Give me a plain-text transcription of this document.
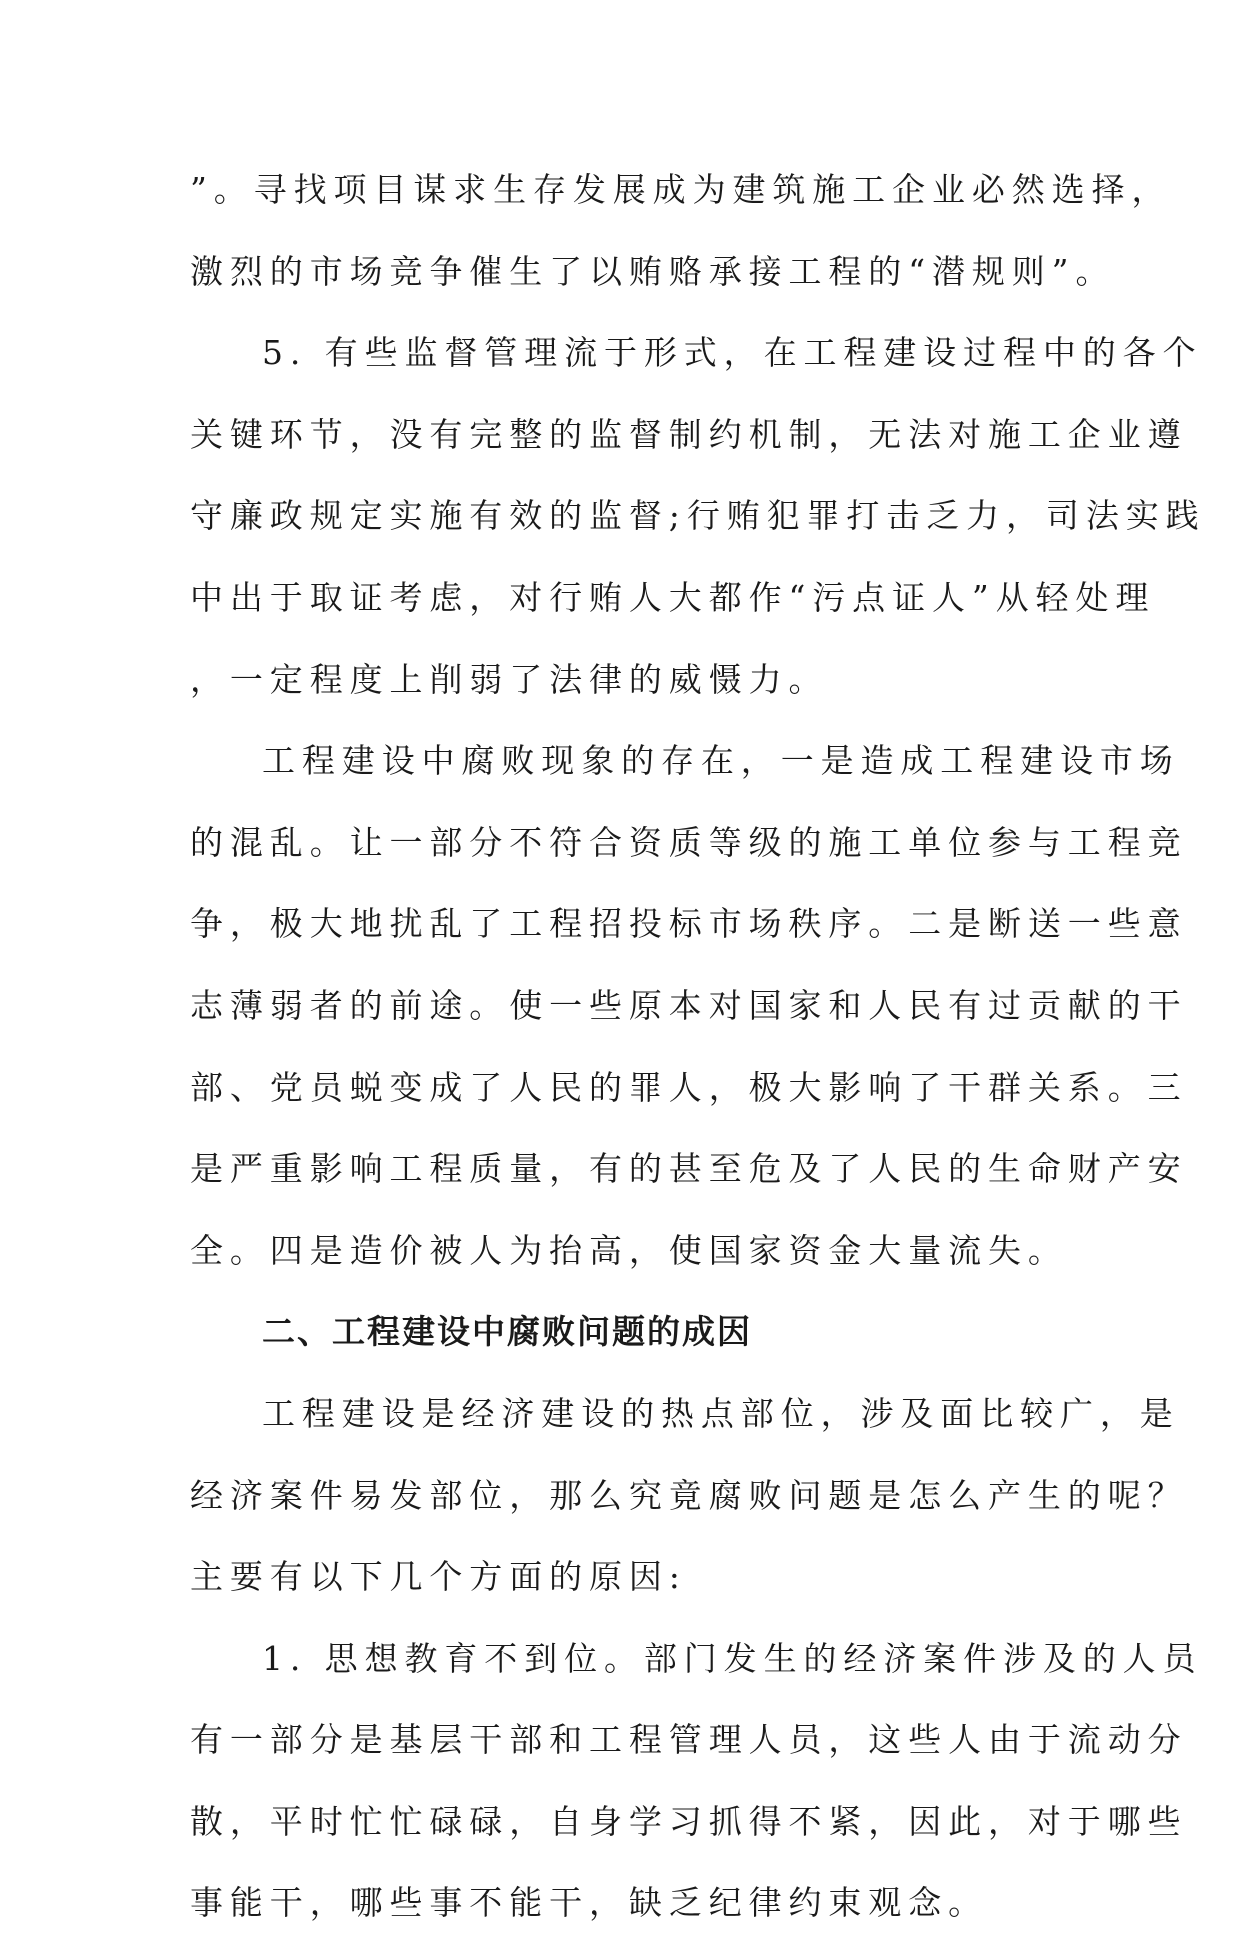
”。寻找项目谋求生存发展成为建筑施工企业必然选择，
激烈的市场竞争催生了以贿赂承接工程的“潜规则”。
5. 有些监督管理流于形式，在工程建设过程中的各个
关键环节，没有完整的监督制约机制，无法对施工企业遵
守廉政规定实施有效的监督;行贿犯罪打击乏力，司法实践
中出于取证考虑，对行贿人大都作“污点证人”从轻处理
，一定程度上削弱了法律的威慑力。
工程建设中腐败现象的存在，一是造成工程建设市场
的混乱。让一部分不符合资质等级的施工单位参与工程竞
争，极大地扰乱了工程招投标市场秩序。二是断送一些意
志薄弱者的前途。使一些原本对国家和人民有过贡献的干
部、党员蜕变成了人民的罪人，极大影响了干群关系。三
是严重影响工程质量，有的甚至危及了人民的生命财产安
全。四是造价被人为抬高，使国家资金大量流失。
二、工程建设中腐败问题的成因
工程建设是经济建设的热点部位，涉及面比较广，是
经济案件易发部位，那么究竟腐败问题是怎么产生的呢？
主要有以下几个方面的原因:
1. 思想教育不到位。部门发生的经济案件涉及的人员
有一部分是基层干部和工程管理人员，这些人由于流动分
散，平时忙忙碌碌，自身学习抓得不紧，因此，对于哪些
事能干，哪些事不能干，缺乏纪律约束观念。
